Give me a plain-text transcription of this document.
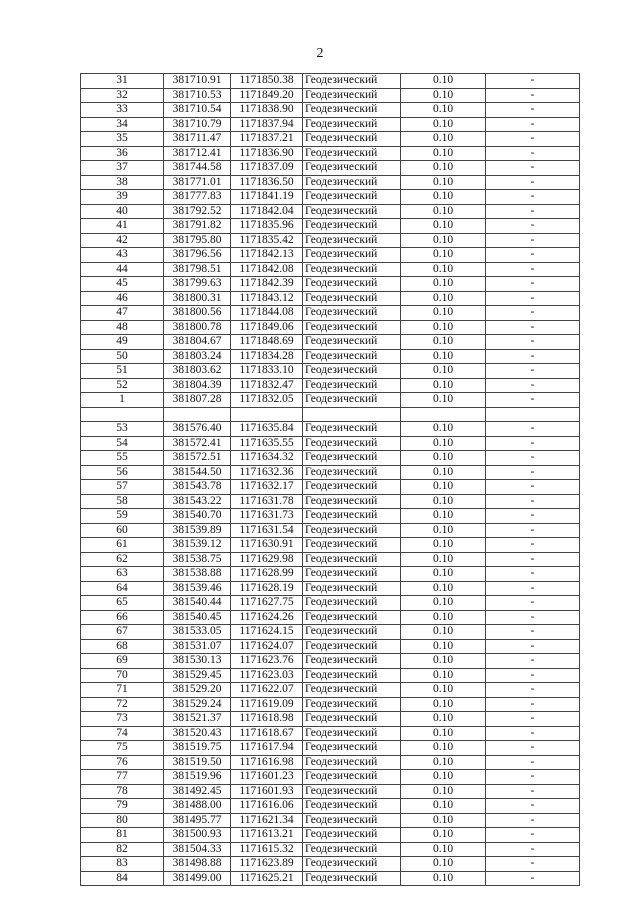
2
31	381710.91	1171850.38	Геодезический	0.10	-
32	381710.53	1171849.20	Геодезический	0.10	-
33	381710.54	1171838.90	Геодезический	0.10	-
34	381710.79	1171837.94	Геодезический	0.10	-
35	381711.47	1171837.21	Геодезический	0.10	-
36	381712.41	1171836.90	Геодезический	0.10	-
37	381744.58	1171837.09	Геодезический	0.10	-
38	381771.01	1171836.50	Геодезический	0.10	-
39	381777.83	1171841.19	Геодезический	0.10	-
40	381792.52	1171842.04	Геодезический	0.10	-
41	381791.82	1171835.96	Геодезический	0.10	-
42	381795.80	1171835.42	Геодезический	0.10	-
43	381796.56	1171842.13	Геодезический	0.10	-
44	381798.51	1171842.08	Геодезический	0.10	-
45	381799.63	1171842.39	Геодезический	0.10	-
46	381800.31	1171843.12	Геодезический	0.10	-
47	381800.56	1171844.08	Геодезический	0.10	-
48	381800.78	1171849.06	Геодезический	0.10	-
49	381804.67	1171848.69	Геодезический	0.10	-
50	381803.24	1171834.28	Геодезический	0.10	-
51	381803.62	1171833.10	Геодезический	0.10	-
52	381804.39	1171832.47	Геодезический	0.10	-
1	381807.28	1171832.05	Геодезический	0.10	-

53	381576.40	1171635.84	Геодезический	0.10	-
54	381572.41	1171635.55	Геодезический	0.10	-
55	381572.51	1171634.32	Геодезический	0.10	-
56	381544.50	1171632.36	Геодезический	0.10	-
57	381543.78	1171632.17	Геодезический	0.10	-
58	381543.22	1171631.78	Геодезический	0.10	-
59	381540.70	1171631.73	Геодезический	0.10	-
60	381539.89	1171631.54	Геодезический	0.10	-
61	381539.12	1171630.91	Геодезический	0.10	-
62	381538.75	1171629.98	Геодезический	0.10	-
63	381538.88	1171628.99	Геодезический	0.10	-
64	381539.46	1171628.19	Геодезический	0.10	-
65	381540.44	1171627.75	Геодезический	0.10	-
66	381540.45	1171624.26	Геодезический	0.10	-
67	381533.05	1171624.15	Геодезический	0.10	-
68	381531.07	1171624.07	Геодезический	0.10	-
69	381530.13	1171623.76	Геодезический	0.10	-
70	381529.45	1171623.03	Геодезический	0.10	-
71	381529.20	1171622.07	Геодезический	0.10	-
72	381529.24	1171619.09	Геодезический	0.10	-
73	381521.37	1171618.98	Геодезический	0.10	-
74	381520.43	1171618.67	Геодезический	0.10	-
75	381519.75	1171617.94	Геодезический	0.10	-
76	381519.50	1171616.98	Геодезический	0.10	-
77	381519.96	1171601.23	Геодезический	0.10	-
78	381492.45	1171601.93	Геодезический	0.10	-
79	381488.00	1171616.06	Геодезический	0.10	-
80	381495.77	1171621.34	Геодезический	0.10	-
81	381500.93	1171613.21	Геодезический	0.10	-
82	381504.33	1171615.32	Геодезический	0.10	-
83	381498.88	1171623.89	Геодезический	0.10	-
84	381499.00	1171625.21	Геодезический	0.10	-
